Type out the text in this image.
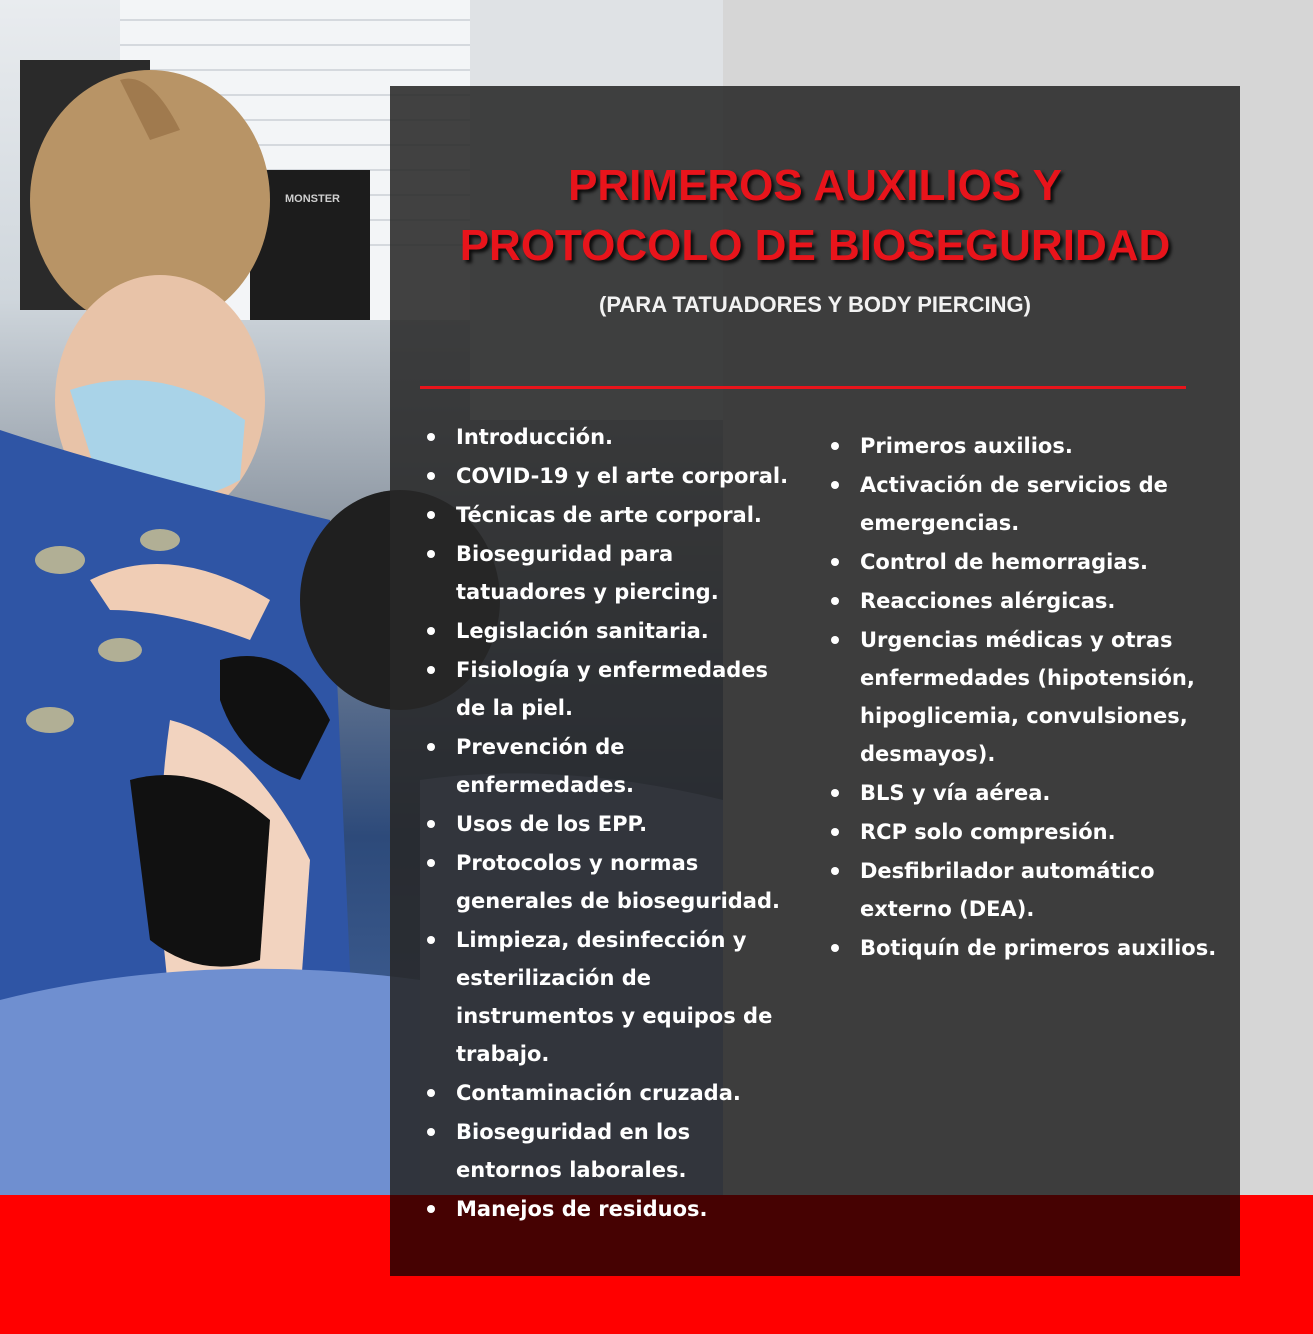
MONSTER	PRIMEROS AUXILIOS Y
PROTOCOLO DE BIOSEGURIDAD

(PARA TATUADORES Y BODY PIERCING)

Introducción.
COVID-19 y el arte corporal.
Técnicas de arte corporal.
Bioseguridad para tatuadores y piercing.
Legislación sanitaria.
Fisiología y enfermedades de la piel.
Prevención de enfermedades.
Usos de los EPP.
Protocolos y normas generales de bioseguridad.
Limpieza, desinfección y esterilización de instrumentos y equipos de trabajo.
Contaminación cruzada.
Bioseguridad en los entornos laborales.
Manejos de residuos.
Primeros auxilios.
Activación de servicios de emergencias.
Control de hemorragias.
Reacciones alérgicas.
Urgencias médicas y otras enfermedades (hipotensión, hipoglicemia, convulsiones, desmayos).
BLS y vía aérea.
RCP solo compresión.
Desfibrilador automático externo (DEA).
Botiquín de primeros auxilios.
